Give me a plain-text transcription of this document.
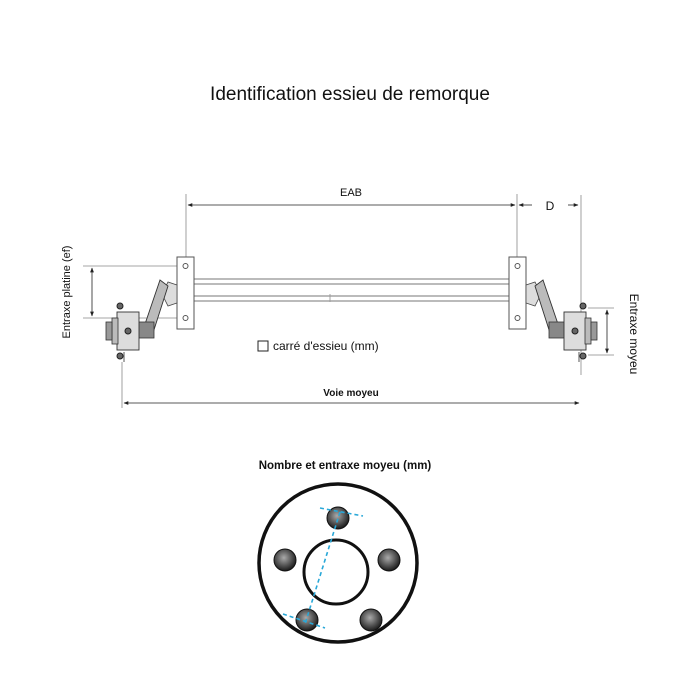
Identification essieu de remorque
EAB
D
Entraxe platine (ef)	Entraxe moyeu
carré d'essieu (mm)
Voie moyeu
Nombre et entraxe moyeu (mm)
